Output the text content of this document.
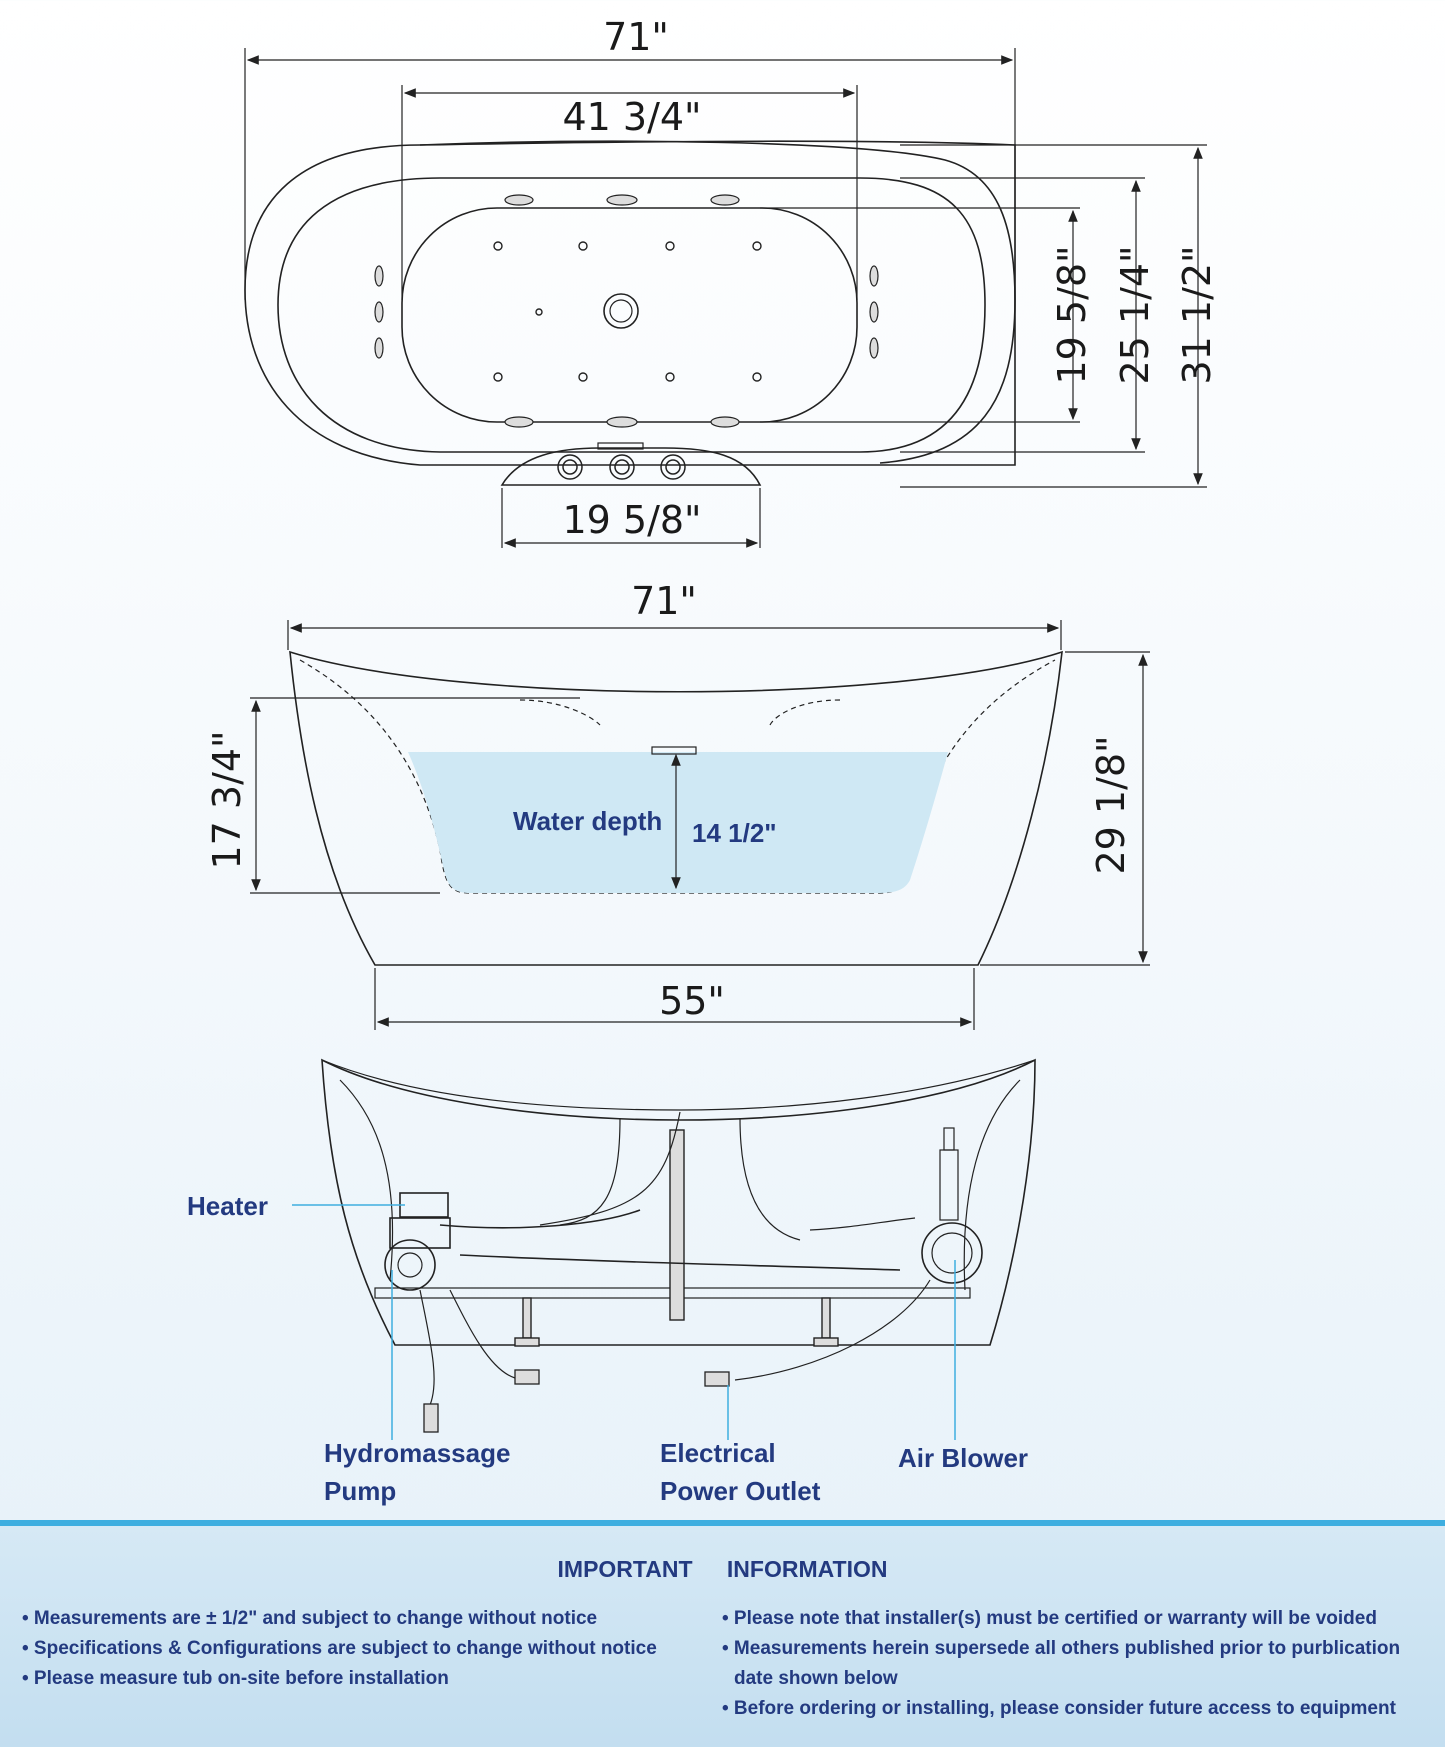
71"
41 3/4"
19 5/8" 25 1/4" 31 1/2"
19 5/8"
71"
Water depth 14 1/2"
17 3/4"	29 1/8"
55"
Heater
Hydromassage
Pump
Electrical
Power Outlet
Air Blower
IMPORTANT INFORMATION
• Measurements are ± 1/2" and subject to change without notice
• Specifications & Configurations are subject to change without notice
• Please measure tub on-site before installation
• Please note that installer(s) must be certified or warranty will be voided
• Measurements herein supersede all others published prior to purblication
date shown below
• Before ordering or installing, please consider future access to equipment
